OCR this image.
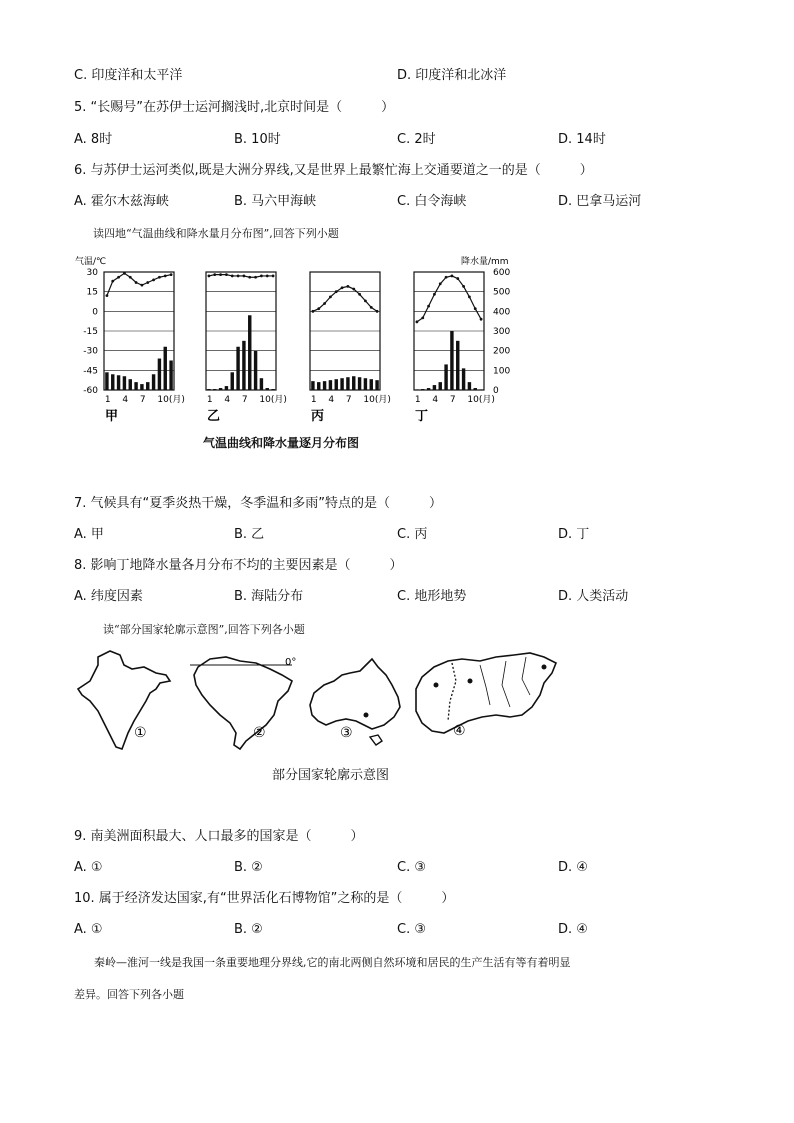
C. 印度洋和太平洋	D. 印度洋和北冰洋
5. “长赐号”在苏伊士运河搁浅时,北京时间是（　　　）
A. 8时	B. 10时	C. 2时	D. 14时
6. 与苏伊士运河类似,既是大洲分界线,又是世界上最繁忙海上交通要道之一的是（　　　）
A. 霍尔木兹海峡	B. 马六甲海峡	C. 白令海峡	D. 巴拿马运河
读四地“气温曲线和降水量月分布图”,回答下列小题
气温/℃	降水量/mm
30
15
0
-15
-30
-45
-60
600
500
400
300
200
100
0
1 4 7 10(月)
甲
1 4 7 10(月)
乙
1 4 7 10(月)
丙
1 4 7 10(月)
丁
气温曲线和降水量逐月分布图
7. 气候具有“夏季炎热干燥，冬季温和多雨”特点的是（　　　）
A. 甲	B. 乙	C. 丙	D. 丁
8. 影响丁地降水量各月分布不均的主要因素是（　　　）
A. 纬度因素	B. 海陆分布	C. 地形地势	D. 人类活动
读“部分国家轮廓示意图”,回答下列各小题
①
0°
②	③	④
部分国家轮廓示意图
9. 南美洲面积最大、人口最多的国家是（　　　）
A. ①	B. ②	C. ③	D. ④
10. 属于经济发达国家,有“世界活化石博物馆”之称的是（　　　）
A. ①	B. ②	C. ③	D. ④
秦岭—淮河一线是我国一条重要地理分界线,它的南北两侧自然环境和居民的生产生活有等有着明显
差异。回答下列各小题
